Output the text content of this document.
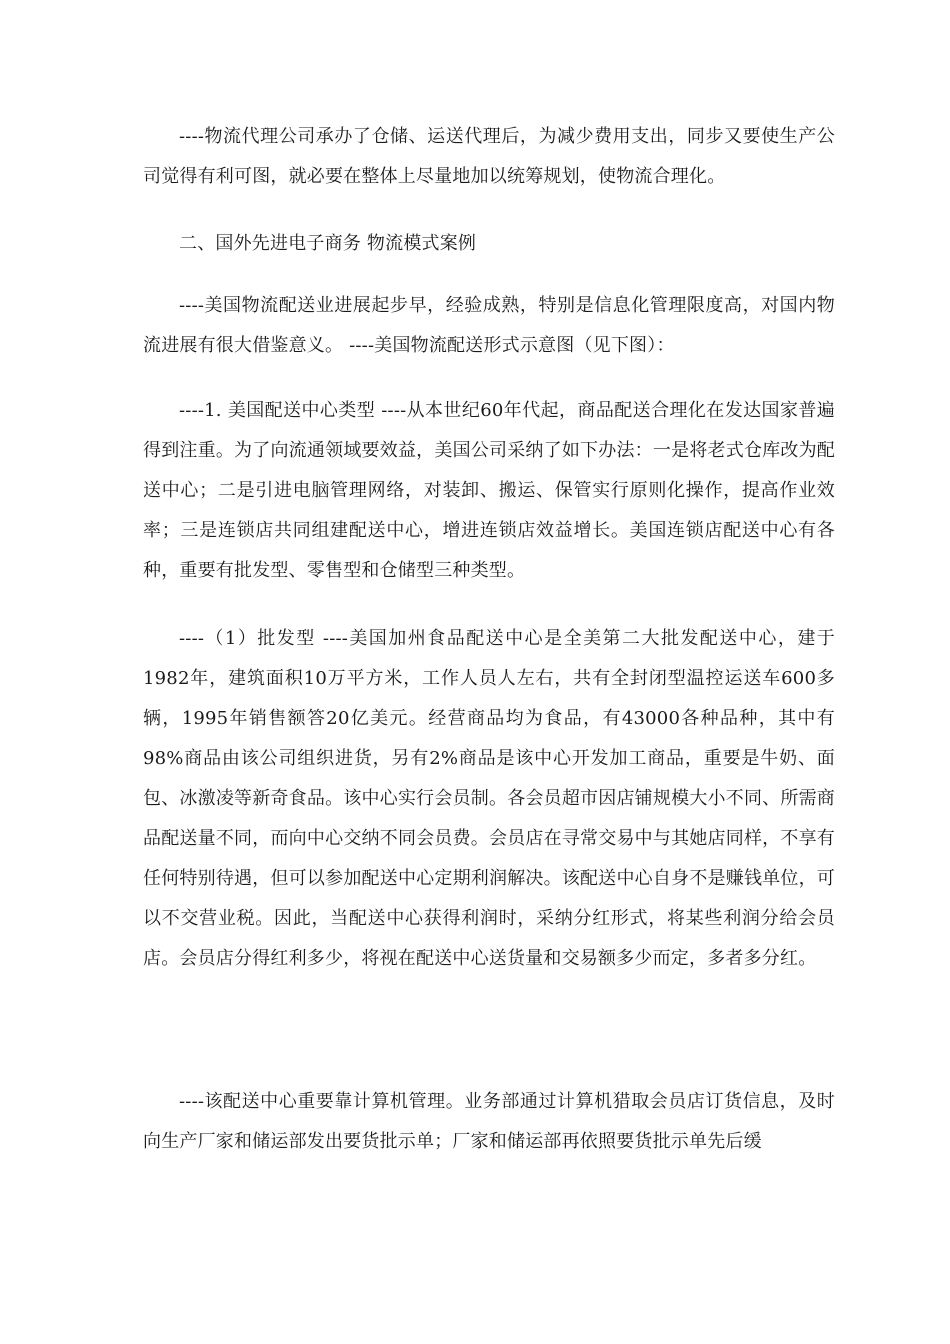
----物流代理公司承办了仓储、运送代理后，为减少费用支出，同步又要使生产公司觉得有利可图，就必要在整体上尽量地加以统筹规划，使物流合理化。

二、国外先进电子商务 物流模式案例

----美国物流配送业进展起步早，经验成熟，特别是信息化管理限度高，对国内物流进展有很大借鉴意义。 ----美国物流配送形式示意图（见下图）：

----1. 美国配送中心类型 ----从本世纪60年代起，商品配送合理化在发达国家普遍得到注重。为了向流通领域要效益，美国公司采纳了如下办法：一是将老式仓库改为配送中心；二是引进电脑管理网络，对装卸、搬运、保管实行原则化操作，提高作业效率；三是连锁店共同组建配送中心，增进连锁店效益增长。美国连锁店配送中心有各种，重要有批发型、零售型和仓储型三种类型。

----（1）批发型 ----美国加州食品配送中心是全美第二大批发配送中心，建于1982年，建筑面积10万平方米，工作人员人左右，共有全封闭型温控运送车600多辆，1995年销售额答20亿美元。经营商品均为食品，有43000各种品种，其中有98%商品由该公司组织进货，另有2%商品是该中心开发加工商品，重要是牛奶、面包、冰激凌等新奇食品。该中心实行会员制。各会员超市因店铺规模大小不同、所需商品配送量不同，而向中心交纳不同会员费。会员店在寻常交易中与其她店同样，不享有任何特别待遇，但可以参加配送中心定期利润解决。该配送中心自身不是赚钱单位，可以不交营业税。因此，当配送中心获得利润时，采纳分红形式，将某些利润分给会员店。会员店分得红利多少，将视在配送中心送货量和交易额多少而定，多者多分红。

----该配送中心重要靠计算机管理。业务部通过计算机猎取会员店订货信息，及时向生产厂家和储运部发出要货批示单；厂家和储运部再依照要货批示单先后缓
